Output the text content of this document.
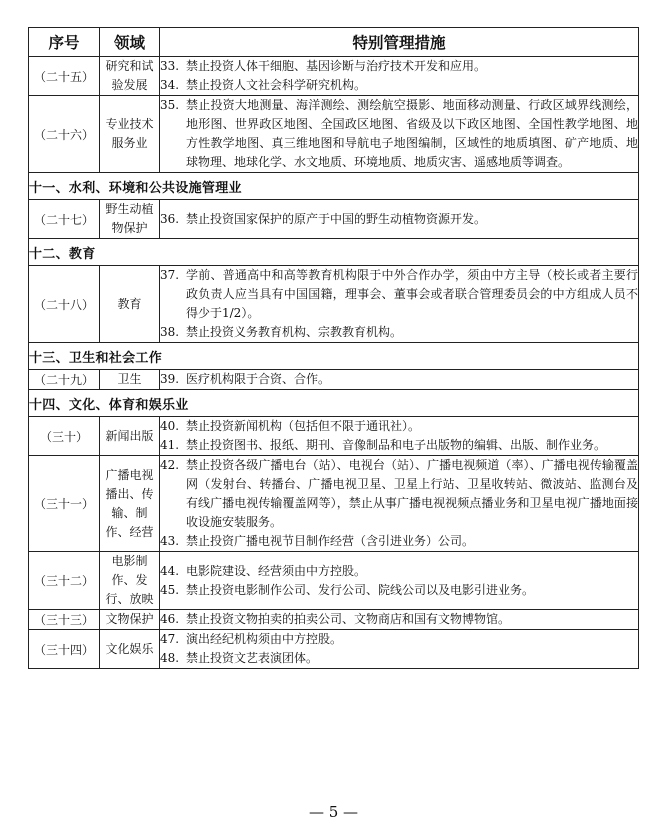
序号	领域	特别管理措施
（二十五）	研究和试验发展	33. 禁止投资人体干细胞、基因诊断与治疗技术开发和应用。
34. 禁止投资人文社会科学研究机构。

（二十六）	专业技术服务业	35. 禁止投资大地测量、海洋测绘、测绘航空摄影、地面移动测量、行政区域界线测绘，地形图、世界政区地图、全国政区地图、省级及以下政区地图、全国性教学地图、地方性教学地图、真三维地图和导航电子地图编制，区域性的地质填图、矿产地质、地球物理、地球化学、水文地质、环境地质、地质灾害、遥感地质等调查。

十一、水利、环境和公共设施管理业		
（二十七）	野生动植物保护	36. 禁止投资国家保护的原产于中国的野生动植物资源开发。

十二、教育		
（二十八）	教育	37. 学前、普通高中和高等教育机构限于中外合作办学，须由中方主导（校长或者主要行政负责人应当具有中国国籍，理事会、董事会或者联合管理委员会的中方组成人员不得少于1/2）。
38. 禁止投资义务教育机构、宗教教育机构。

十三、卫生和社会工作		
（二十九）	卫生	39. 医疗机构限于合资、合作。

十四、文化、体育和娱乐业		
（三十）	新闻出版	40. 禁止投资新闻机构（包括但不限于通讯社）。
41. 禁止投资图书、报纸、期刊、音像制品和电子出版物的编辑、出版、制作业务。

（三十一）	广播电视播出、传输、制作、经营	42. 禁止投资各级广播电台（站）、电视台（站）、广播电视频道（率）、广播电视传输覆盖网（发射台、转播台、广播电视卫星、卫星上行站、卫星收转站、微波站、监测台及有线广播电视传输覆盖网等），禁止从事广播电视视频点播业务和卫星电视广播地面接收设施安装服务。
43. 禁止投资广播电视节目制作经营（含引进业务）公司。

（三十二）	电影制作、发行、放映	44. 电影院建设、经营须由中方控股。
45. 禁止投资电影制作公司、发行公司、院线公司以及电影引进业务。

（三十三）	文物保护	46. 禁止投资文物拍卖的拍卖公司、文物商店和国有文物博物馆。

（三十四）	文化娱乐	47. 演出经纪机构须由中方控股。
48. 禁止投资文艺表演团体。
— 5 —
